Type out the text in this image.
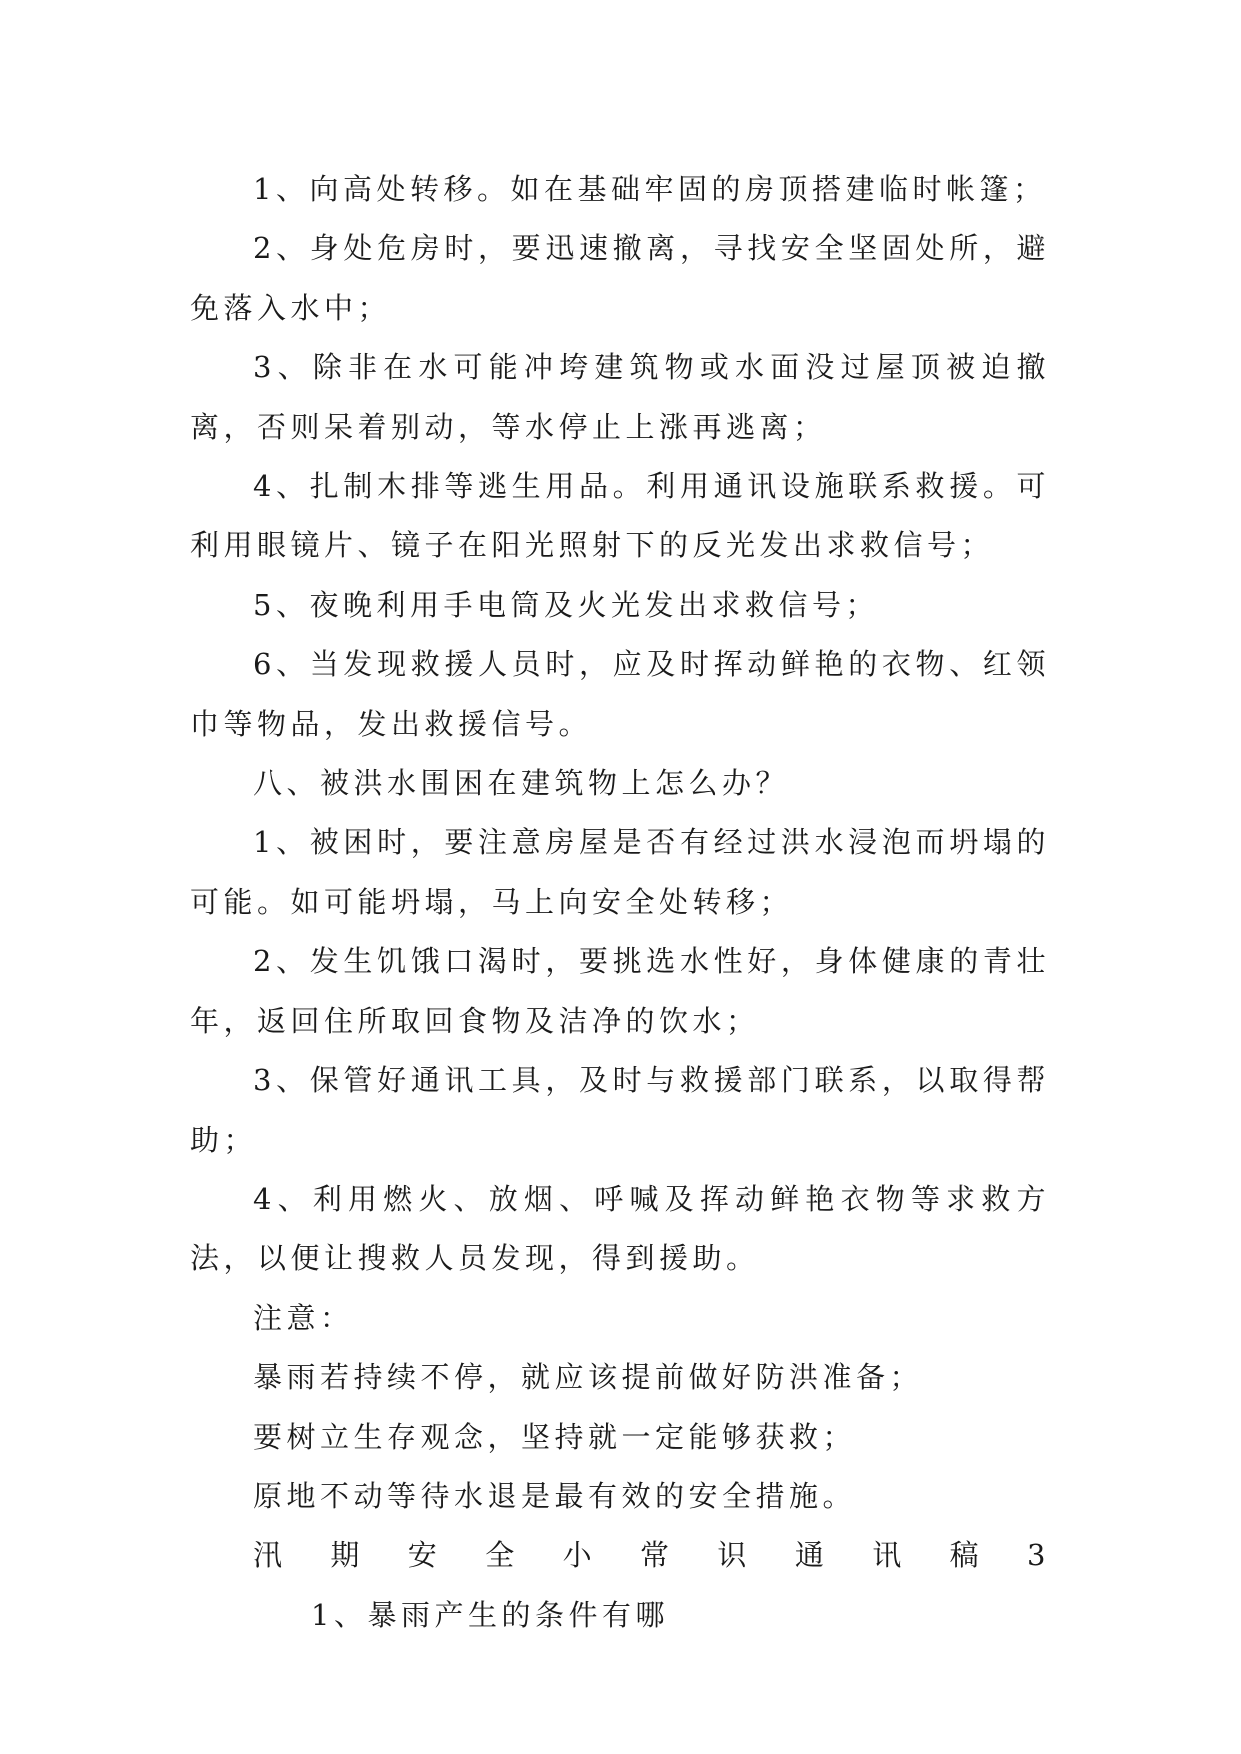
1、向高处转移。如在基础牢固的房顶搭建临时帐篷；

2、身处危房时，要迅速撤离，寻找安全坚固处所，避免落入水中；

3、除非在水可能冲垮建筑物或水面没过屋顶被迫撤离，否则呆着别动，等水停止上涨再逃离；

4、扎制木排等逃生用品。利用通讯设施联系救援。可利用眼镜片、镜子在阳光照射下的反光发出求救信号；

5、夜晚利用手电筒及火光发出求救信号；

6、当发现救援人员时，应及时挥动鲜艳的衣物、红领巾等物品，发出救援信号。

八、被洪水围困在建筑物上怎么办？

1、被困时，要注意房屋是否有经过洪水浸泡而坍塌的可能。如可能坍塌，马上向安全处转移；

2、发生饥饿口渴时，要挑选水性好，身体健康的青壮年，返回住所取回食物及洁净的饮水；

3、保管好通讯工具，及时与救援部门联系，以取得帮助；

4、利用燃火、放烟、呼喊及挥动鲜艳衣物等求救方法，以便让搜救人员发现，得到援助。

注意：

暴雨若持续不停，就应该提前做好防洪准备；

要树立生存观念，坚持就一定能够获救；

原地不动等待水退是最有效的安全措施。

汛期安全小常识通讯稿31、暴雨产生的条件有哪
